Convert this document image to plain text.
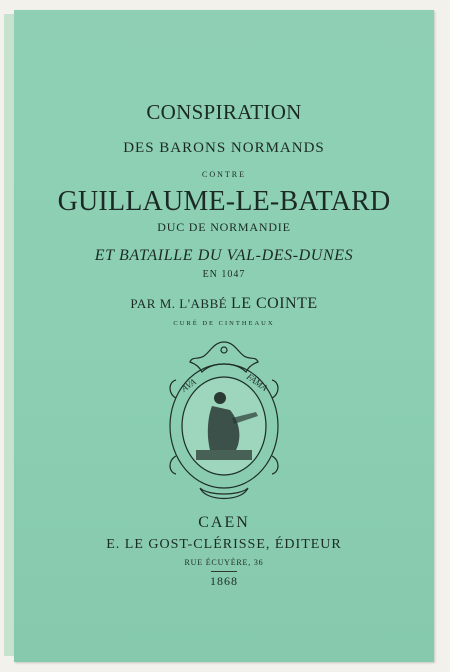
CONSPIRATION
DES BARONS NORMANDS
CONTRE
GUILLAUME-LE-BATARD
DUC DE NORMANDIE
ET BATAILLE DU VAL-DES-DUNES
EN 1047
PAR M. L'ABBÉ LE COINTE
CURÉ DE CINTHEAUX
AVA	FAMA
CAEN
E. LE GOST-CLÉRISSE, ÉDITEUR
RUE ÉCUYÈRE, 36
1868
